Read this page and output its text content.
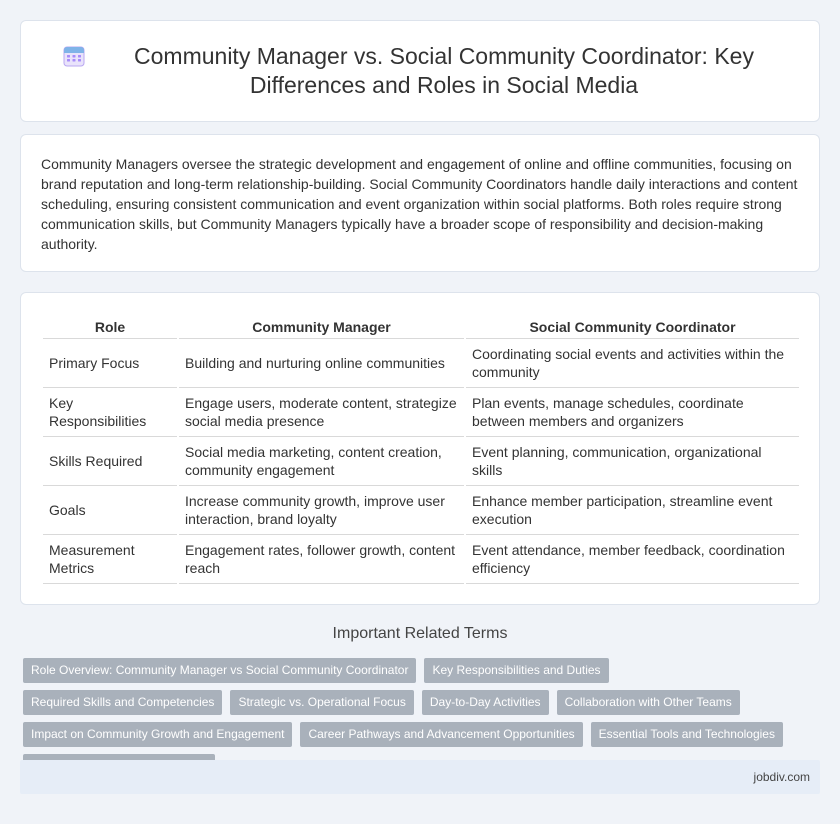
Community Manager vs. Social Community Coordinator: Key Differences and Roles in Social Media

Community Managers oversee the strategic development and engagement of online and offline communities, focusing on brand reputation and long-term relationship-building. Social Community Coordinators handle daily interactions and content scheduling, ensuring consistent communication and event organization within social platforms. Both roles require strong communication skills, but Community Managers typically have a broader scope of responsibility and decision-making authority.

Role	Community Manager	Social Community Coordinator
Primary Focus	Building and nurturing online communities	Coordinating social events and activities within the community
Key Responsibilities	Engage users, moderate content, strategize social media presence	Plan events, manage schedules, coordinate between members and organizers
Skills Required	Social media marketing, content creation, community engagement	Event planning, communication, organizational skills
Goals	Increase community growth, improve user interaction, brand loyalty	Enhance member participation, streamline event execution
Measurement Metrics	Engagement rates, follower growth, content reach	Event attendance, member feedback, coordination efficiency
Important Related Terms
Role Overview: Community Manager vs Social Community Coordinator	Key Responsibilities and Duties
Required Skills and Competencies	Strategic vs. Operational Focus	Day-to-Day Activities	Collaboration with Other Teams
Impact on Community Growth and Engagement	Career Pathways and Advancement Opportunities	Essential Tools and Technologies
jobdiv.com
